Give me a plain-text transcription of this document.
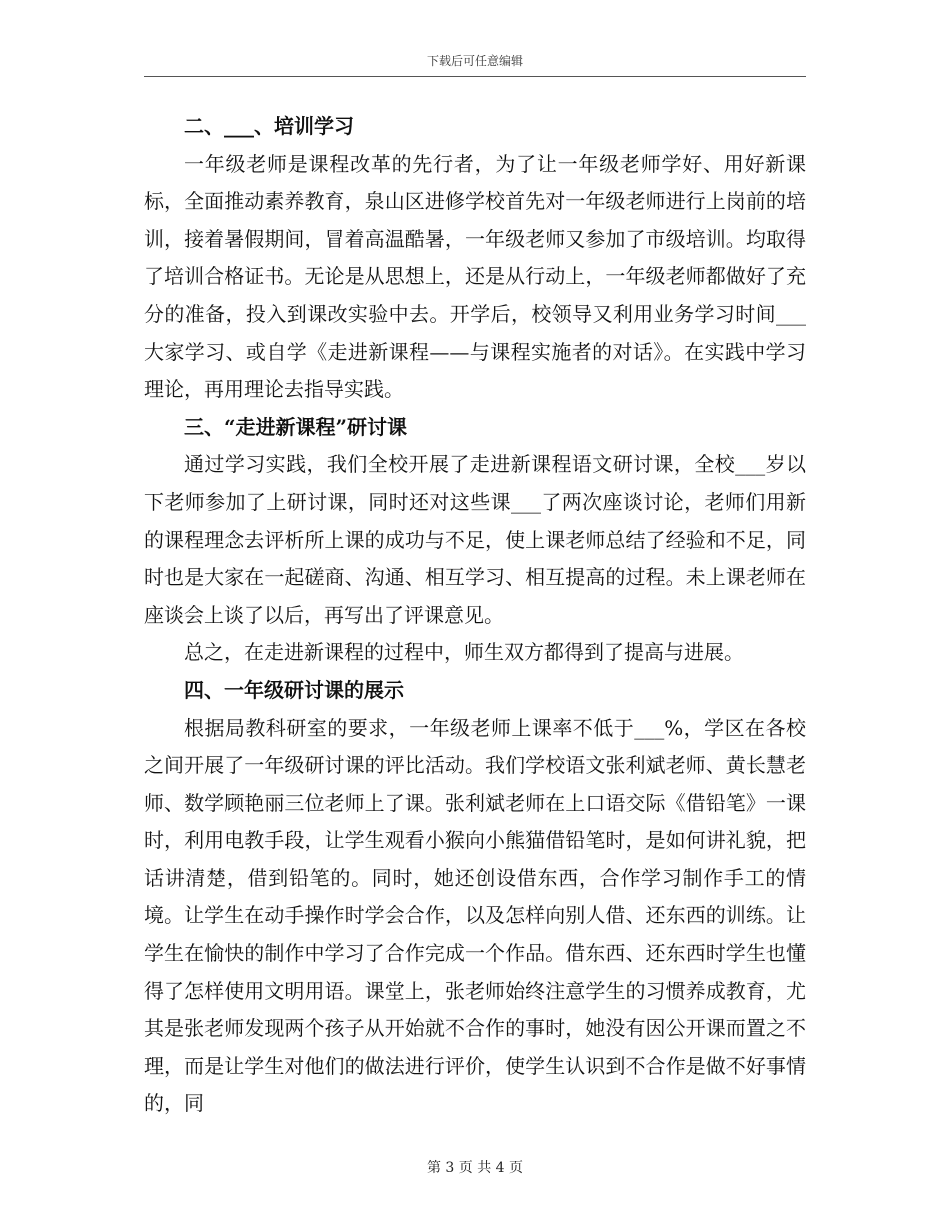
下载后可任意编辑

二、___、培训学习

一年级老师是课程改革的先行者，为了让一年级老师学好、用好新课标，全面推动素养教育，泉山区进修学校首先对一年级老师进行上岗前的培训，接着暑假期间，冒着高温酷暑，一年级老师又参加了市级培训。均取得了培训合格证书。无论是从思想上，还是从行动上，一年级老师都做好了充分的准备，投入到课改实验中去。开学后，校领导又利用业务学习时间___大家学习、或自学《走进新课程——与课程实施者的对话》。在实践中学习理论，再用理论去指导实践。

三、“走进新课程”研讨课

通过学习实践，我们全校开展了走进新课程语文研讨课，全校___岁以下老师参加了上研讨课，同时还对这些课___了两次座谈讨论，老师们用新的课程理念去评析所上课的成功与不足，使上课老师总结了经验和不足，同时也是大家在一起磋商、沟通、相互学习、相互提高的过程。未上课老师在座谈会上谈了以后，再写出了评课意见。

总之，在走进新课程的过程中，师生双方都得到了提高与进展。

四、一年级研讨课的展示

根据局教科研室的要求，一年级老师上课率不低于___%，学区在各校之间开展了一年级研讨课的评比活动。我们学校语文张利斌老师、黄长慧老师、数学顾艳丽三位老师上了课。张利斌老师在上口语交际《借铅笔》一课时，利用电教手段，让学生观看小猴向小熊猫借铅笔时，是如何讲礼貌，把话讲清楚，借到铅笔的。同时，她还创设借东西，合作学习制作手工的情境。让学生在动手操作时学会合作，以及怎样向别人借、还东西的训练。让学生在愉快的制作中学习了合作完成一个作品。借东西、还东西时学生也懂得了怎样使用文明用语。课堂上，张老师始终注意学生的习惯养成教育，尤其是张老师发现两个孩子从开始就不合作的事时，她没有因公开课而置之不理，而是让学生对他们的做法进行评价，使学生认识到不合作是做不好事情的，同

第 3 页 共 4 页
